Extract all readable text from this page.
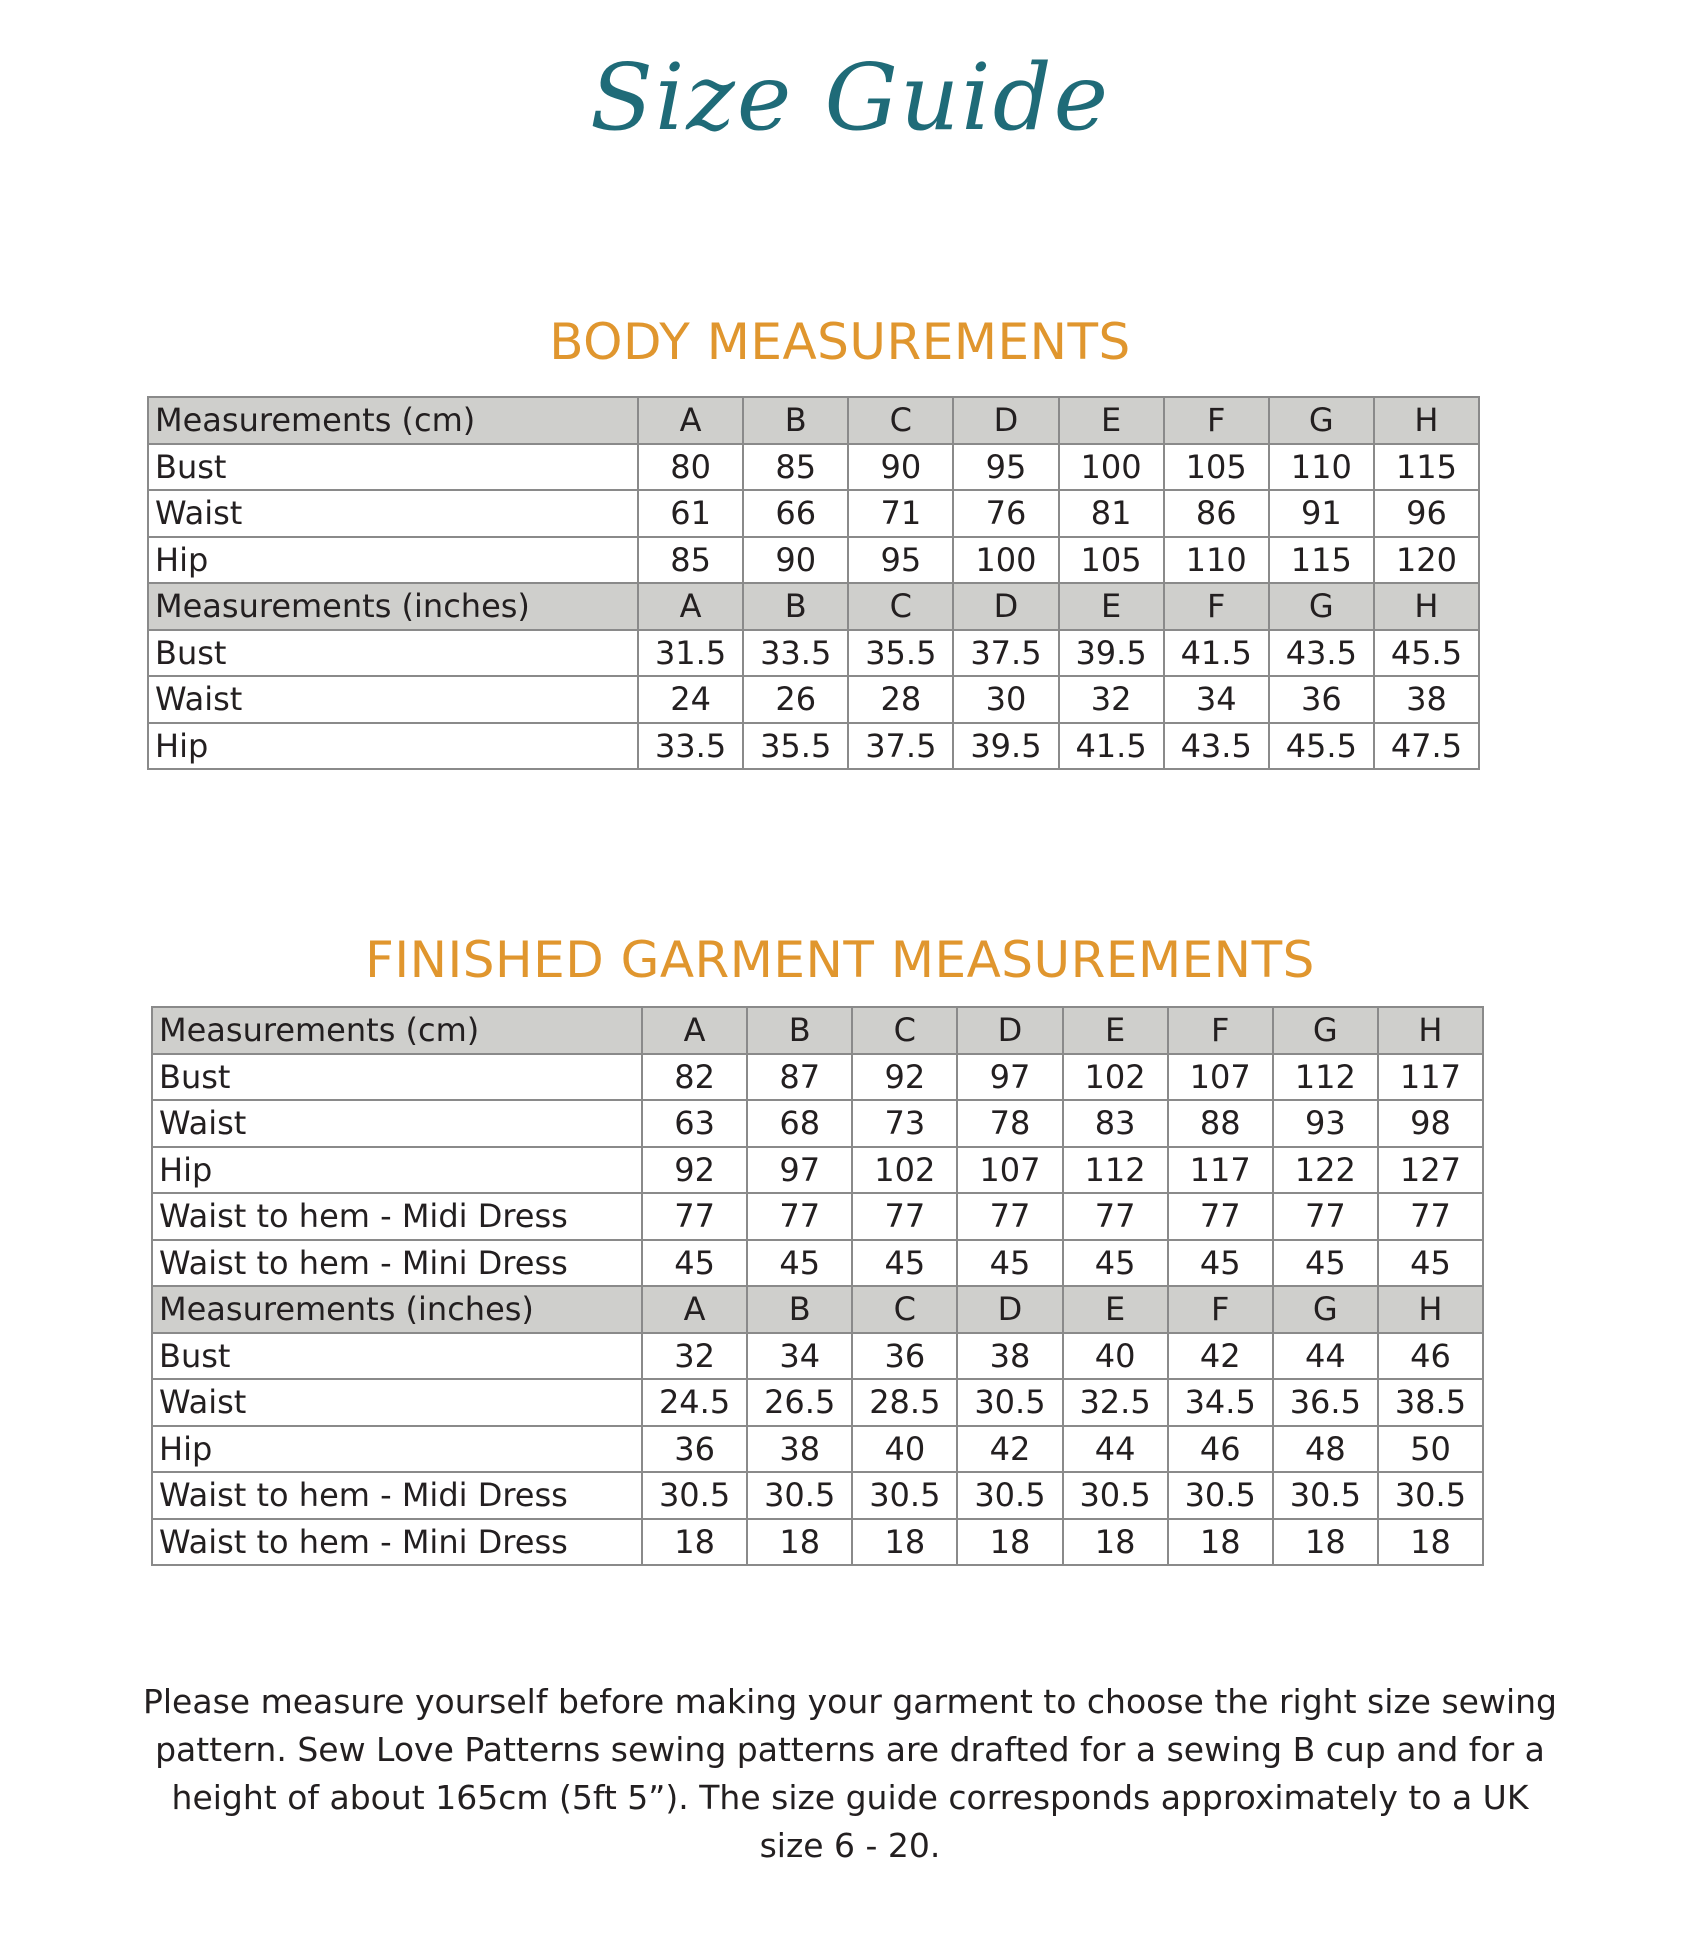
Size Guide
BODY MEASUREMENTS
Measurements (cm)	A	B	C	D	E	F	G	H
Bust	80	85	90	95	100	105	110	115
Waist	61	66	71	76	81	86	91	96
Hip	85	90	95	100	105	110	115	120
Measurements (inches)	A	B	C	D	E	F	G	H
Bust	31.5	33.5	35.5	37.5	39.5	41.5	43.5	45.5
Waist	24	26	28	30	32	34	36	38
Hip	33.5	35.5	37.5	39.5	41.5	43.5	45.5	47.5
FINISHED GARMENT MEASUREMENTS
Measurements (cm)	A	B	C	D	E	F	G	H
Bust	82	87	92	97	102	107	112	117
Waist	63	68	73	78	83	88	93	98
Hip	92	97	102	107	112	117	122	127
Waist to hem - Midi Dress	77	77	77	77	77	77	77	77
Waist to hem - Mini Dress	45	45	45	45	45	45	45	45
Measurements (inches)	A	B	C	D	E	F	G	H
Bust	32	34	36	38	40	42	44	46
Waist	24.5	26.5	28.5	30.5	32.5	34.5	36.5	38.5
Hip	36	38	40	42	44	46	48	50
Waist to hem - Midi Dress	30.5	30.5	30.5	30.5	30.5	30.5	30.5	30.5
Waist to hem - Mini Dress	18	18	18	18	18	18	18	18

Please measure yourself before making your garment to choose the right size sewing pattern. Sew Love Patterns sewing patterns are drafted for a sewing B cup and for a height of about 165cm (5ft 5”). The size guide corresponds approximately to a UK size 6 - 20.
